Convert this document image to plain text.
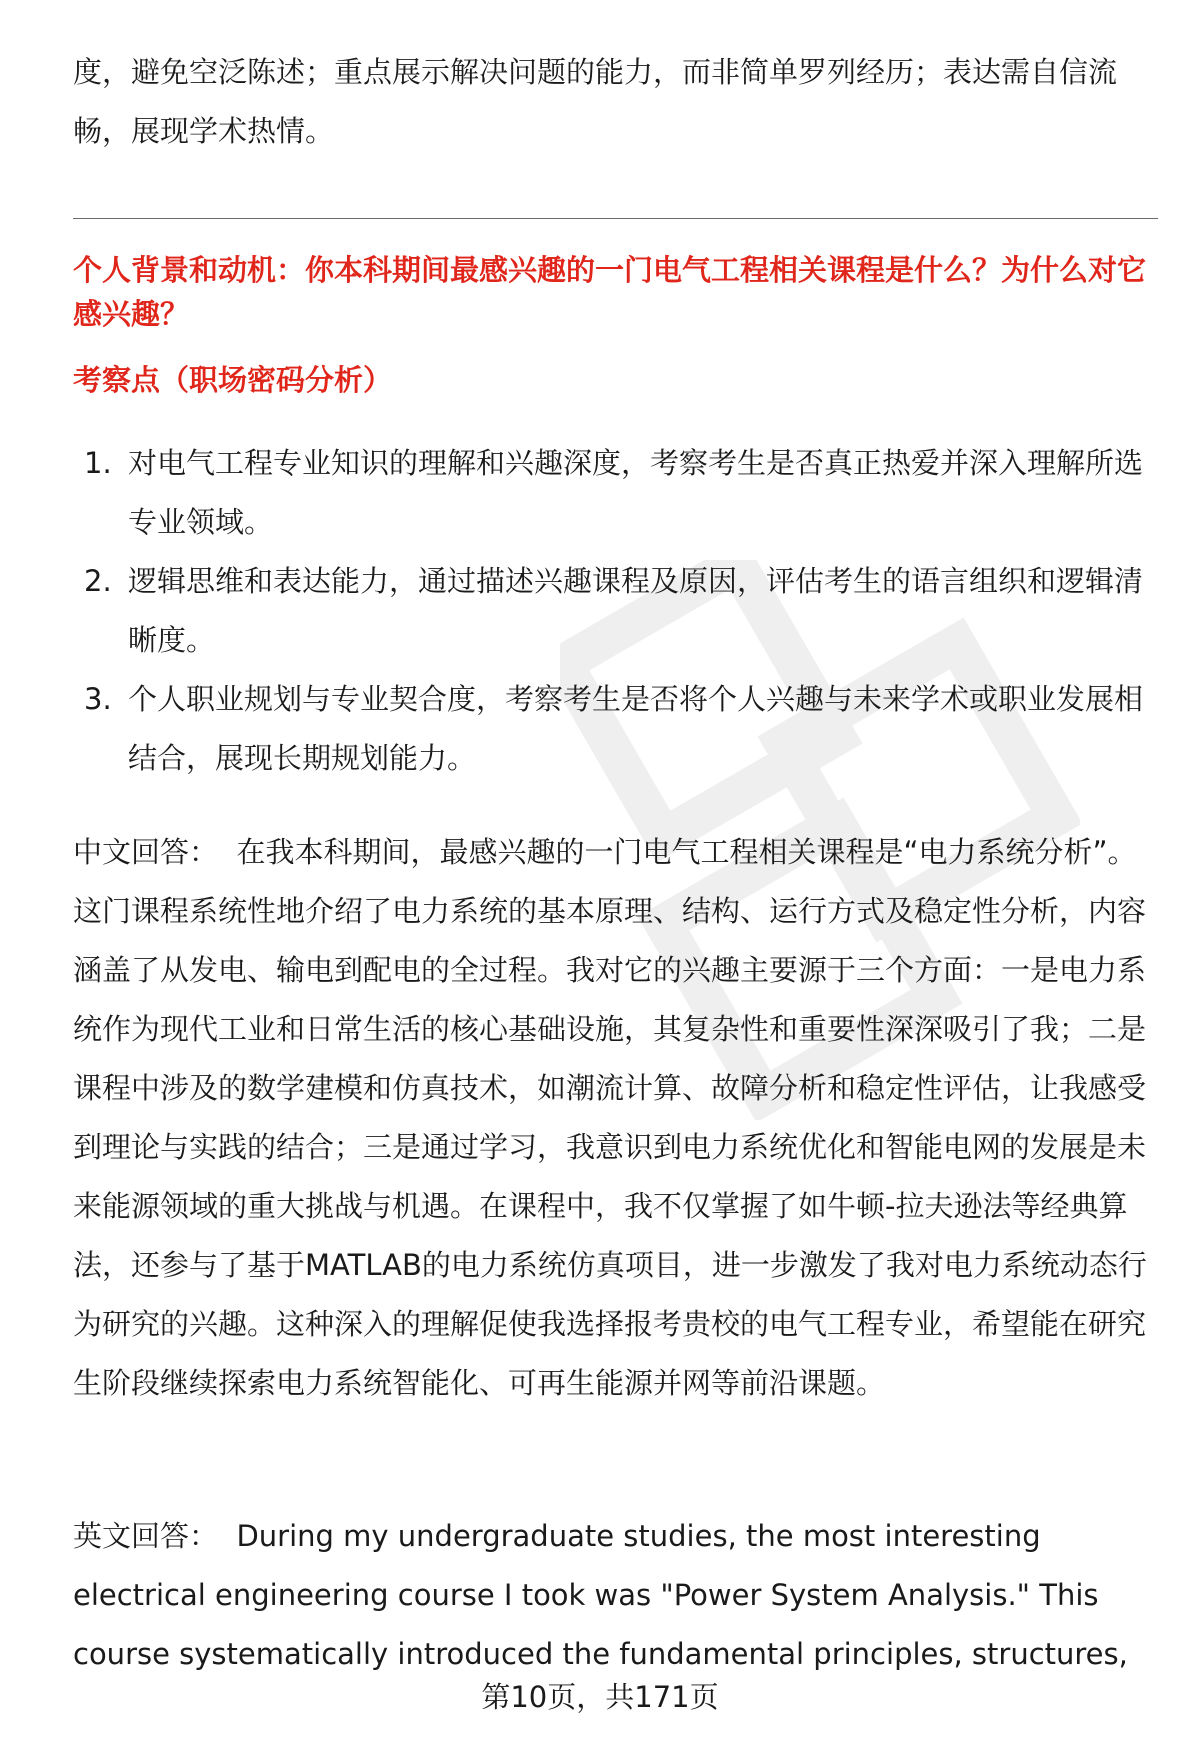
度，避免空泛陈述；重点展示解决问题的能力，而非简单罗列经历；表达需自信流畅，展现学术热情。

个人背景和动机：你本科期间最感兴趣的一门电气工程相关课程是什么？为什么对它感兴趣？

考察点（职场密码分析）

1. 对电气工程专业知识的理解和兴趣深度，考察考生是否真正热爱并深入理解所选专业领域。
2. 逻辑思维和表达能力，通过描述兴趣课程及原因，评估考生的语言组织和逻辑清晰度。
3. 个人职业规划与专业契合度，考察考生是否将个人兴趣与未来学术或职业发展相结合，展现长期规划能力。

中文回答： 在我本科期间，最感兴趣的一门电气工程相关课程是“电力系统分析”。这门课程系统性地介绍了电力系统的基本原理、结构、运行方式及稳定性分析，内容涵盖了从发电、输电到配电的全过程。我对它的兴趣主要源于三个方面：一是电力系统作为现代工业和日常生活的核心基础设施，其复杂性和重要性深深吸引了我；二是课程中涉及的数学建模和仿真技术，如潮流计算、故障分析和稳定性评估，让我感受到理论与实践的结合；三是通过学习，我意识到电力系统优化和智能电网的发展是未来能源领域的重大挑战与机遇。在课程中，我不仅掌握了如牛顿-拉夫逊法等经典算法，还参与了基于MATLAB的电力系统仿真项目，进一步激发了我对电力系统动态行为研究的兴趣。这种深入的理解促使我选择报考贵校的电气工程专业，希望能在研究生阶段继续探索电力系统智能化、可再生能源并网等前沿课题。

英文回答： During my undergraduate studies, the most interesting electrical engineering course I took was "Power System Analysis." This course systematically introduced the fundamental principles, structures,

第10页，共171页
